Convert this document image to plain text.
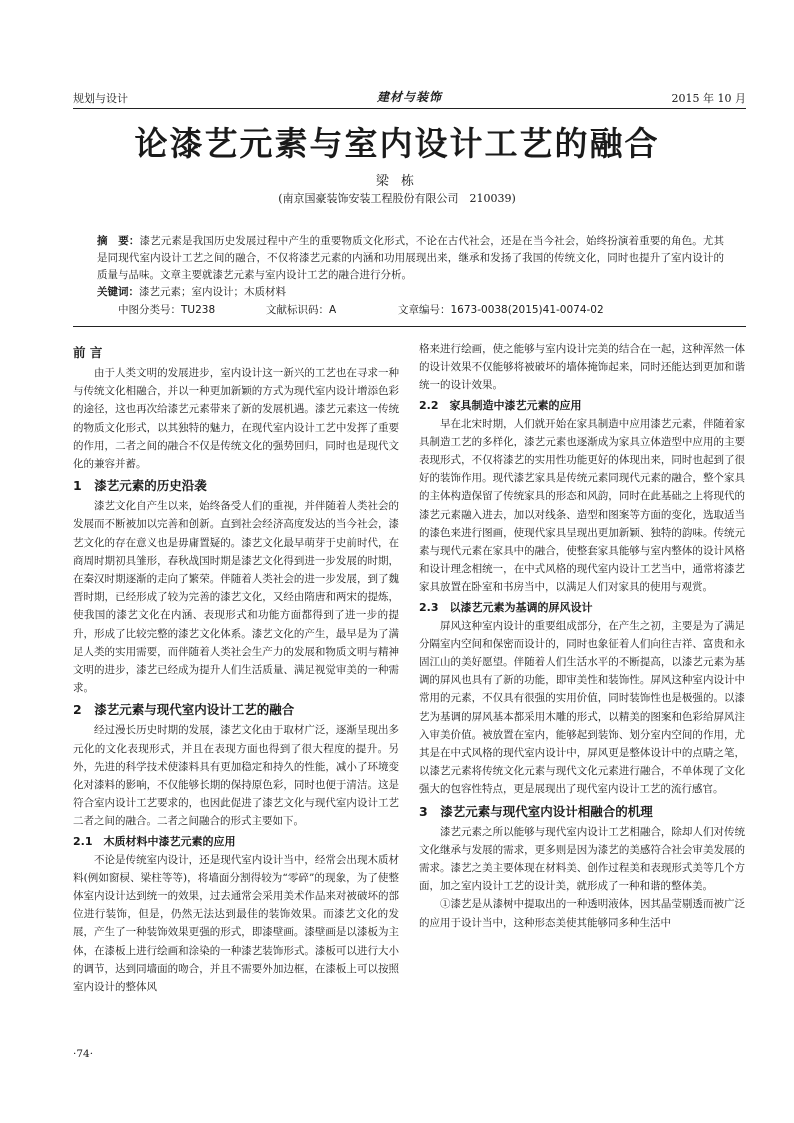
规划与设计	建材与装饰	2015 年 10 月
论漆艺元素与室内设计工艺的融合
梁 栋
(南京国豪装饰安装工程股份有限公司　210039)
摘　要：漆艺元素是我国历史发展过程中产生的重要物质文化形式，不论在古代社会，还是在当今社会，始终扮演着重要的角色。尤其是同现代室内设计工艺之间的融合，不仅将漆艺元素的内涵和功用展现出来，继承和发扬了我国的传统文化，同时也提升了室内设计的质量与品味。文章主要就漆艺元素与室内设计工艺的融合进行分析。
关键词：漆艺元素；室内设计；木质材料
中图分类号：TU238	文献标识码：A	文章编号：1673-0038(2015)41-0074-02
前 言

由于人类文明的发展进步，室内设计这一新兴的工艺也在寻求一种与传统文化相融合，并以一种更加新颖的方式为现代室内设计增添色彩的途径，这也再次给漆艺元素带来了新的发展机遇。漆艺元素这一传统的物质文化形式，以其独特的魅力，在现代室内设计工艺中发挥了重要的作用，二者之间的融合不仅是传统文化的强势回归，同时也是现代文化的兼容并蓄。

1　漆艺元素的历史沿袭

漆艺文化自产生以来，始终备受人们的重视，并伴随着人类社会的发展而不断被加以完善和创新。直到社会经济高度发达的当今社会，漆艺文化的存在意义也是毋庸置疑的。漆艺文化最早萌芽于史前时代，在商周时期初具雏形，春秋战国时期是漆艺文化得到进一步发展的时期，在秦汉时期逐渐的走向了繁荣。伴随着人类社会的进一步发展，到了魏晋时期，已经形成了较为完善的漆艺文化，又经由隋唐和两宋的提炼，使我国的漆艺文化在内涵、表现形式和功能方面都得到了进一步的提升，形成了比较完整的漆艺文化体系。漆艺文化的产生，最早是为了满足人类的实用需要，而伴随着人类社会生产力的发展和物质文明与精神文明的进步，漆艺已经成为提升人们生活质量、满足视觉审美的一种需求。

2　漆艺元素与现代室内设计工艺的融合

经过漫长历史时期的发展，漆艺文化由于取材广泛，逐渐呈现出多元化的文化表现形式，并且在表现方面也得到了很大程度的提升。另外，先进的科学技术使漆料具有更加稳定和持久的性能，减小了环境变化对漆料的影响，不仅能够长期的保持原色彩，同时也便于清洁。这是符合室内设计工艺要求的，也因此促进了漆艺文化与现代室内设计工艺二者之间的融合。二者之间融合的形式主要如下。

2.1　木质材料中漆艺元素的应用

不论是传统室内设计，还是现代室内设计当中，经常会出现木质材料(例如窗棂、梁柱等等)，将墙面分割得较为“零碎”的现象，为了使整体室内设计达到统一的效果，过去通常会采用美术作品来对被破坏的部位进行装饰，但是，仍然无法达到最佳的装饰效果。而漆艺文化的发展，产生了一种装饰效果更强的形式，即漆壁画。漆壁画是以漆板为主体，在漆板上进行绘画和涂染的一种漆艺装饰形式。漆板可以进行大小的调节，达到同墙面的吻合，并且不需要外加边框，在漆板上可以按照室内设计的整体风

格来进行绘画，使之能够与室内设计完美的结合在一起，这种浑然一体的设计效果不仅能够将被破坏的墙体掩饰起来，同时还能达到更加和谐统一的设计效果。

2.2　家具制造中漆艺元素的应用

早在北宋时期，人们就开始在家具制造中应用漆艺元素，伴随着家具制造工艺的多样化，漆艺元素也逐渐成为家具立体造型中应用的主要表现形式，不仅将漆艺的实用性功能更好的体现出来，同时也起到了很好的装饰作用。现代漆艺家具是传统元素同现代元素的融合，整个家具的主体构造保留了传统家具的形态和风韵，同时在此基础之上将现代的漆艺元素融入进去，加以对线条、造型和图案等方面的变化，选取适当的漆色来进行图画，使现代家具呈现出更加新颖、独特的韵味。传统元素与现代元素在家具中的融合，使整套家具能够与室内整体的设计风格和设计理念相统一，在中式风格的现代室内设计工艺当中，通常将漆艺家具放置在卧室和书房当中，以满足人们对家具的使用与观赏。

2.3　以漆艺元素为基调的屏风设计

屏风这种室内设计的重要组成部分，在产生之初，主要是为了满足分隔室内空间和保密而设计的，同时也象征着人们向往吉祥、富贵和永固江山的美好愿望。伴随着人们生活水平的不断提高，以漆艺元素为基调的屏风也具有了新的功能，即审美性和装饰性。屏风这种室内设计中常用的元素，不仅具有很强的实用价值，同时装饰性也是极强的。以漆艺为基调的屏风基本都采用木雕的形式，以精美的图案和色彩给屏风注入审美价值。被放置在室内，能够起到装饰、划分室内空间的作用，尤其是在中式风格的现代室内设计中，屏风更是整体设计中的点睛之笔，以漆艺元素将传统文化元素与现代文化元素进行融合，不单体现了文化强大的包容性特点，更是展现出了现代室内设计工艺的流行感官。

3　漆艺元素与现代室内设计相融合的机理

漆艺元素之所以能够与现代室内设计工艺相融合，除却人们对传统文化继承与发展的需求，更多则是因为漆艺的美感符合社会审美发展的需求。漆艺之美主要体现在材料美、创作过程美和表现形式美等几个方面，加之室内设计工艺的设计美，就形成了一种和谐的整体美。

①漆艺是从漆树中提取出的一种透明液体，因其晶莹剔透而被广泛的应用于设计当中，这种形态美使其能够同多种生活中

·74·
